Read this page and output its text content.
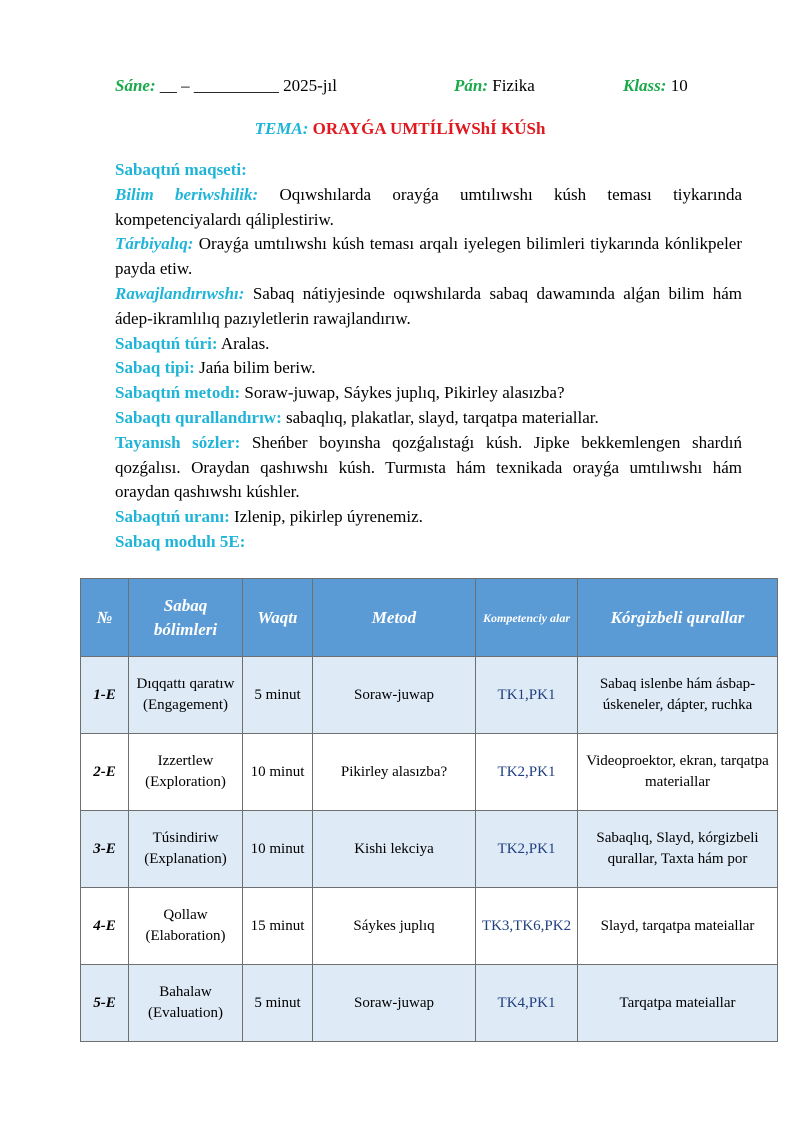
Sáne: __ – __________ 2025-jıl	Pán: Fizika	Klass: 10
TEMA: ORAYǴA UMTÍLÍWShÍ KÚSh

Sabaqtıń maqseti:

Bilim beriwshilik: Oqıwshılarda orayǵa umtılıwshı kúsh teması tiykarında kompetenciyalardı qáliplestiriw.

Tárbiyalıq: Orayǵa umtılıwshı kúsh teması arqalı iyelegen bilimleri tiykarında kónlikpeler payda etiw.

Rawajlandırıwshı: Sabaq nátiyjesinde oqıwshılarda sabaq dawamında alǵan bilim hám ádep-ikramlılıq pazıyletlerin rawajlandırıw.

Sabaqtıń túri: Aralas.

Sabaq tipi: Jańa bilim beriw.

Sabaqtıń metodı: Soraw-juwap, Sáykes juplıq, Pikirley alasızba?

Sabaqtı qurallandırıw: sabaqlıq, plakatlar, slayd, tarqatpa materiallar.

Tayanısh sózler: Sheńber boyınsha qozǵalıstaǵı kúsh. Jipke bekkemlengen shardıń qozǵalısı. Oraydan qashıwshı kúsh. Turmısta hám texnikada orayǵa umtılıwshı hám oraydan qashıwshı kúshler.

Sabaqtıń uranı: Izlenip, pikirlep úyrenemiz.

Sabaq modulı 5E:

№	Sabaq bólimleri	Waqtı	Metod	Kompetenciy alar	Kórgizbeli qurallar
1-E	Dıqqattı qaratıw (Engagement)	5 minut	Soraw-juwap	TK1,PK1	Sabaq islenbe hám ásbap-úskeneler, dápter, ruchka
2-E	Izzertlew (Exploration)	10 minut	Pikirley alasızba?	TK2,PK1	Videoproektor, ekran, tarqatpa materiallar
3-E	Túsindiriw (Explanation)	10 minut	Kishi lekciya	TK2,PK1	Sabaqlıq, Slayd, kórgizbeli qurallar, Taxta hám por
4-E	Qollaw (Elaboration)	15 minut	Sáykes juplıq	TK3,TK6,PK2	Slayd, tarqatpa mateiallar
5-E	Bahalaw (Evaluation)	5 minut	Soraw-juwap	TK4,PK1	Tarqatpa mateiallar
